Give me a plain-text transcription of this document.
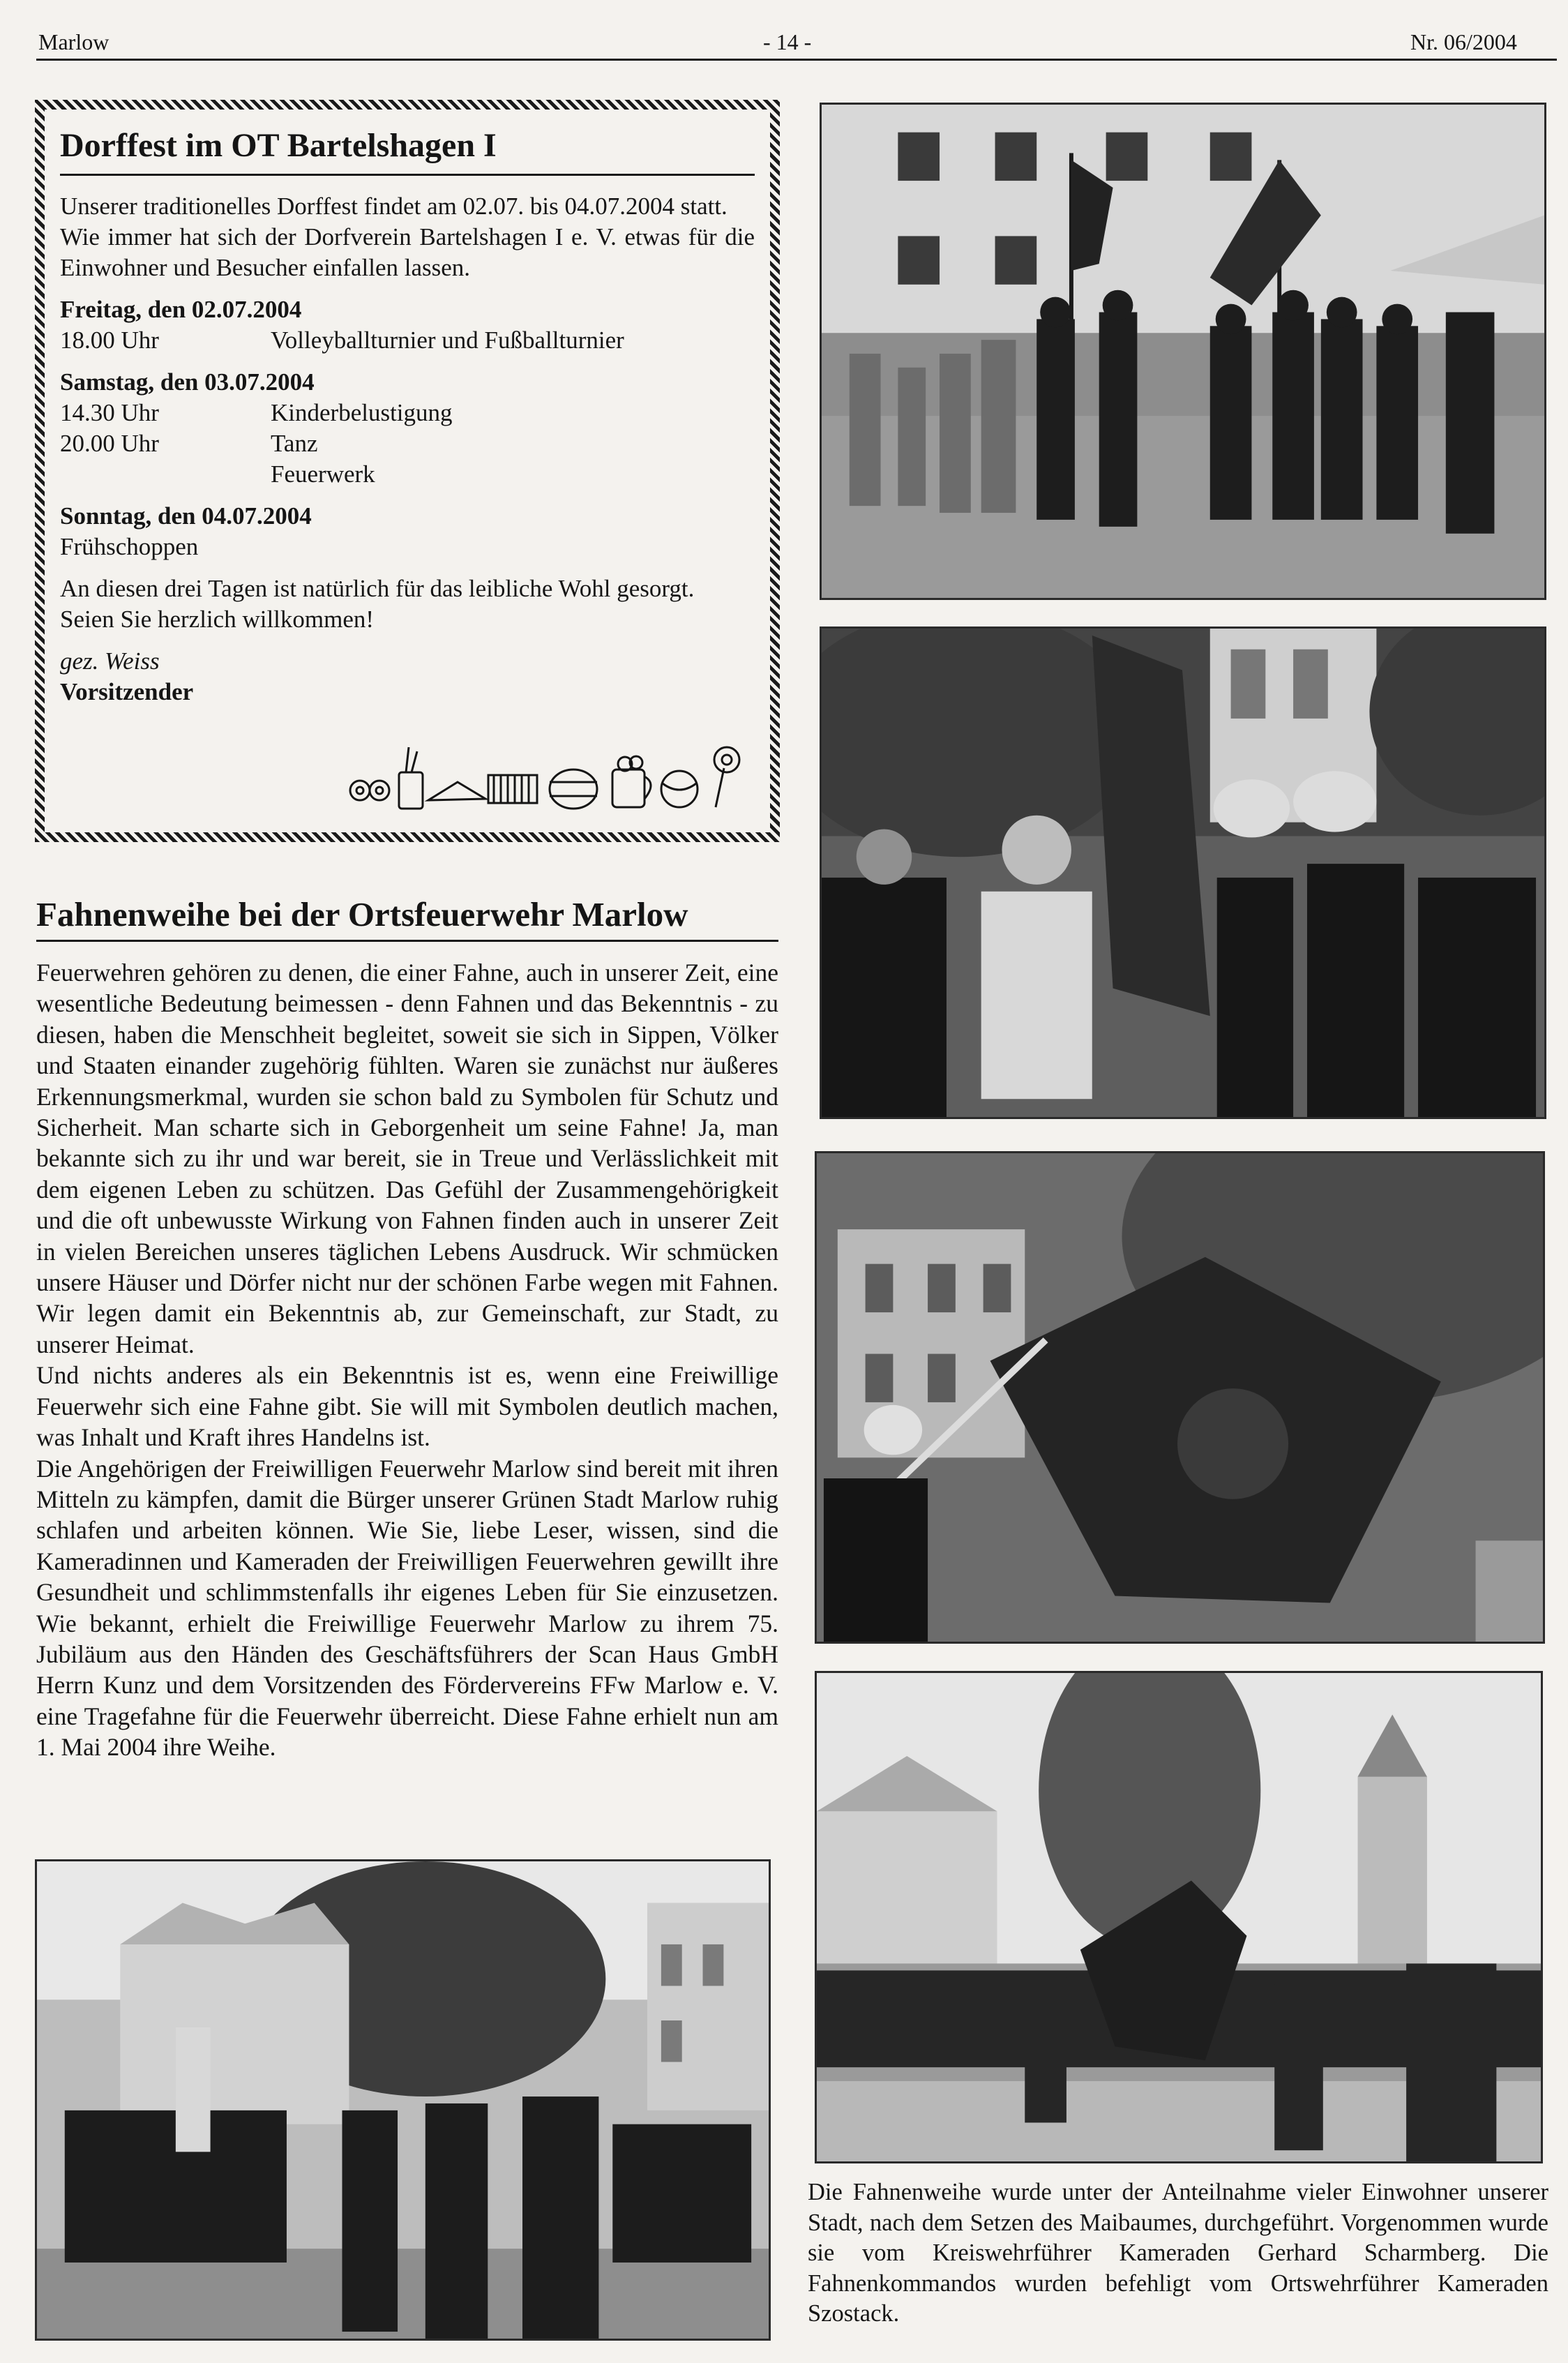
Marlow	- 14 -	Nr. 06/2004
Dorffest im OT Bartelshagen I
Unserer traditionelles Dorffest findet am 02.07. bis 04.07.2004 statt.
Wie immer hat sich der Dorfverein Bartelshagen I e. V. etwas für die Einwohner und Besucher einfallen lassen.
Freitag, den 02.07.2004
18.00 Uhr	Volleyballturnier und Fußballturnier
Samstag, den 03.07.2004
14.30 Uhr	Kinderbelustigung
20.00 Uhr	Tanz
Feuerwerk
Sonntag, den 04.07.2004
Frühschoppen
An diesen drei Tagen ist natürlich für das leibliche Wohl gesorgt.
Seien Sie herzlich willkommen!
gez. Weiss
Vorsitzender
Fahnenweihe bei der Ortsfeuerwehr Marlow

Feuerwehren gehören zu denen, die einer Fahne, auch in unserer Zeit, eine wesentliche Bedeutung beimessen - denn Fahnen und das Bekenntnis - zu diesen, haben die Menschheit begleitet, soweit sie sich in Sippen, Völker und Staaten einander zugehörig fühlten. Waren sie zunächst nur äußeres Erkennungsmerkmal, wurden sie schon bald zu Symbolen für Schutz und Sicherheit. Man scharte sich in Geborgenheit um seine Fahne! Ja, man bekannte sich zu ihr und war bereit, sie in Treue und Verlässlichkeit mit dem eigenen Leben zu schützen. Das Gefühl der Zusammengehörigkeit und die oft unbewusste Wirkung von Fahnen finden auch in unserer Zeit in vielen Bereichen unseres täglichen Lebens Ausdruck. Wir schmücken unsere Häuser und Dörfer nicht nur der schönen Farbe wegen mit Fahnen. Wir legen damit ein Bekenntnis ab, zur Gemeinschaft, zur Stadt, zu unserer Heimat.

Und nichts anderes als ein Bekenntnis ist es, wenn eine Freiwillige Feuerwehr sich eine Fahne gibt. Sie will mit Symbolen deutlich machen, was Inhalt und Kraft ihres Handelns ist.

Die Angehörigen der Freiwilligen Feuerwehr Marlow sind bereit mit ihren Mitteln zu kämpfen, damit die Bürger unserer Grünen Stadt Marlow ruhig schlafen und arbeiten können. Wie Sie, liebe Leser, wissen, sind die Kameradinnen und Kameraden der Freiwilligen Feuerwehren gewillt ihre Gesundheit und schlimmstenfalls ihr eigenes Leben für Sie einzusetzen. Wie bekannt, erhielt die Freiwillige Feuerwehr Marlow zu ihrem 75. Jubiläum aus den Händen des Geschäftsführers der Scan Haus GmbH Herrn Kunz und dem Vorsitzenden des Fördervereins FFw Marlow e. V. eine Tragefahne für die Feuerwehr überreicht. Diese Fahne erhielt nun am 1. Mai 2004 ihre Weihe.

Die Fahnenweihe wurde unter der Anteilnahme vieler Einwohner unserer Stadt, nach dem Setzen des Maibaumes, durchgeführt. Vorgenommen wurde sie vom Kreiswehrführer Kameraden Gerhard Scharmberg. Die Fahnenkommandos wurden befehligt vom Ortswehrführer Kameraden Szostack.
